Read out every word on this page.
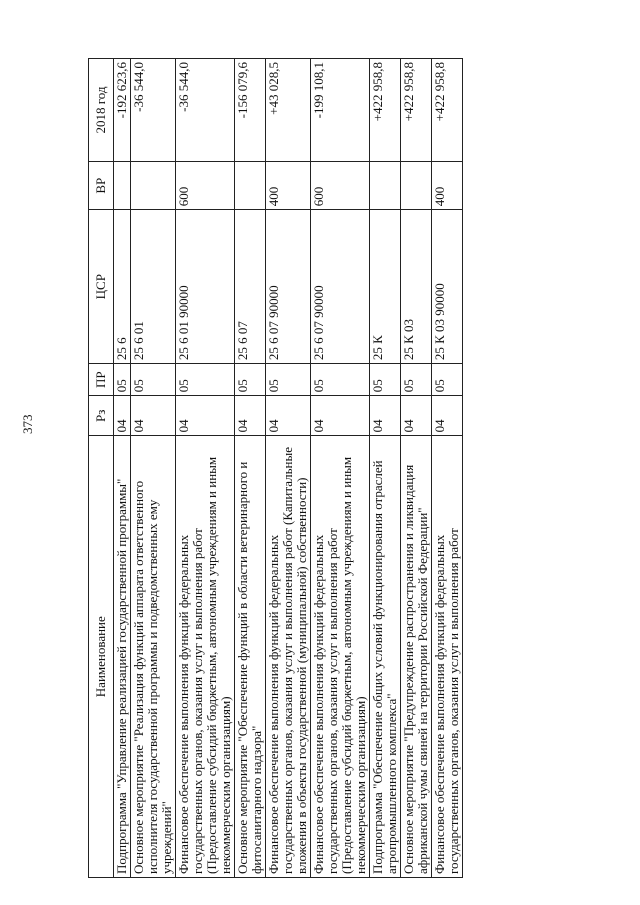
373
Наименование	Рз	ПР	ЦСР	ВР	2018 год
Подпрограмма "Управление реализацией государственной программы"	04	05	25 6		-192 623,6
Основное мероприятие "Реализация функций аппарата ответственного исполнителя государственной программы и подведомственных ему учреждений"	04	05	25 6 01		-36 544,0
Финансовое обеспечение выполнения функций федеральных государственных органов, оказания услуг и выполнения работ (Предоставление субсидий бюджетным, автономным учреждениям и иным некоммерческим организациям)	04	05	25 6 01 90000	600	-36 544,0
Основное мероприятие "Обеспечение функций в области ветеринарного и фитосанитарного надзора"	04	05	25 6 07		-156 079,6
Финансовое обеспечение выполнения функций федеральных государственных органов, оказания услуг и выполнения работ (Капитальные вложения в объекты государственной (муниципальной) собственности)	04	05	25 6 07 90000	400	+43 028,5
Финансовое обеспечение выполнения функций федеральных государственных органов, оказания услуг и выполнения работ (Предоставление субсидий бюджетным, автономным учреждениям и иным некоммерческим организациям)	04	05	25 6 07 90000	600	-199 108,1
Подпрограмма "Обеспечение общих условий функционирования отраслей агропромышленного комплекса"	04	05	25 К		+422 958,8
Основное мероприятие "Предупреждение распространения и ликвидация африканской чумы свиней на территории Российской Федерации"	04	05	25 К 03		+422 958,8
Финансовое обеспечение выполнения функций федеральных государственных органов, оказания услуг и выполнения работ	04	05	25 К 03 90000	400	+422 958,8
